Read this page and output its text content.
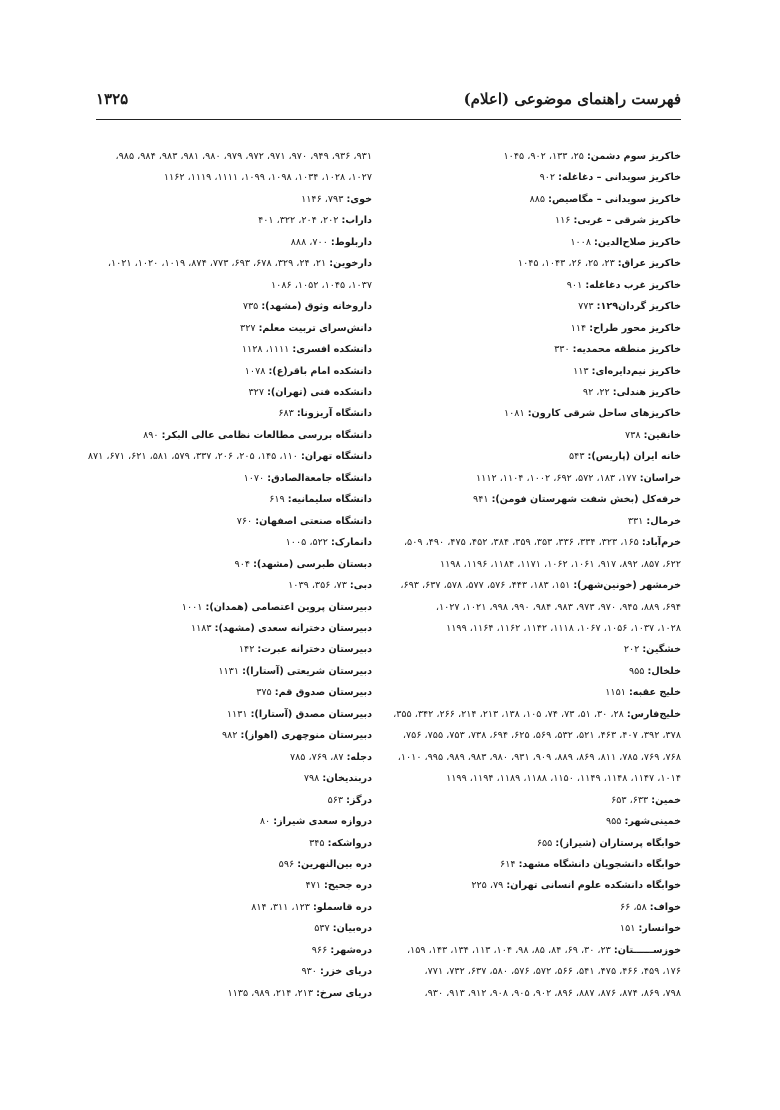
فهرست راهنمای موضوعی (اعلام)
۱۳۲۵
خاکریز سوم دشمن: ۲۵، ۱۳۳، ۹۰۲، ۱۰۴۵
خاکریز سویدانی – دغاغله: ۹۰۲
خاکریز سویدانی – مگاصیص: ۸۸۵
خاکریز شرقی – غربی: ۱۱۶
خاکریز صلاح‌الدین: ۱۰۰۸
خاکریز عراق: ۲۳، ۲۵، ۲۶، ۱۰۴۳، ۱۰۴۵
خاکریز غرب دغاغله: ۹۰۱
خاکریز گردان۱۲۹: ۷۷۳
خاکریز محور طراح: ۱۱۴
خاکریز منطقه محمدیه: ۳۳۰
خاکریز نیم‌دایره‌ای: ۱۱۳
خاکریز هندلی: ۲۲، ۹۲
خاکریزهای ساحل شرقی کارون: ۱۰۸۱
خانقین: ۷۳۸
خانه ایران (پاریس): ۵۴۳
خراسان: ۱۷۷، ۱۸۳، ۵۷۲، ۶۹۲، ۱۰۰۲، ۱۱۰۴، ۱۱۱۲
خرفه‌کل (بخش شفت شهرستان فومن): ۹۴۱
خرمال: ۳۳۱
خرم‌آباد: ۱۶۵، ۳۲۳، ۳۳۴، ۳۳۶، ۳۵۳، ۳۵۹، ۳۸۴، ۴۵۲، ۴۷۵، ۴۹۰، ۵۰۹،
۶۲۲، ۸۵۷، ۸۹۲، ۹۱۷، ۱۰۶۱، ۱۰۶۲، ۱۱۷۱، ۱۱۸۴، ۱۱۹۶، ۱۱۹۸
خرمشهر (خونین‌شهر): ۱۵۱، ۱۸۳، ۴۴۳، ۵۷۶، ۵۷۷، ۵۷۸، ۶۳۷، ۶۹۳،
۶۹۴، ۸۸۹، ۹۴۵، ۹۷۰، ۹۷۳، ۹۸۳، ۹۸۴، ۹۹۰، ۹۹۸، ۱۰۲۱، ۱۰۲۷،
۱۰۲۸، ۱۰۳۷، ۱۰۵۶، ۱۰۶۷، ۱۱۱۸، ۱۱۴۲، ۱۱۶۲، ۱۱۶۴، ۱۱۹۹
خشگین: ۲۰۲
خلخال: ۹۵۵
خلیج عقبه: ۱۱۵۱
خلیج‌فارس: ۲۸، ۳۰، ۵۱، ۷۳، ۷۴، ۱۰۵، ۱۳۸، ۲۱۳، ۲۱۴، ۲۶۶، ۳۴۲، ۳۵۵،
۳۷۸، ۳۹۲، ۴۰۷، ۴۶۳، ۵۲۱، ۵۳۲، ۵۶۹، ۶۲۵، ۶۹۴، ۷۳۸، ۷۵۳، ۷۵۵، ۷۵۶،
۷۶۸، ۷۶۹، ۷۸۵، ۸۱۱، ۸۶۹، ۸۸۹، ۹۰۹، ۹۳۱، ۹۸۰، ۹۸۳، ۹۸۹، ۹۹۵، ۱۰۱۰،
۱۰۱۴، ۱۱۴۷، ۱۱۴۸، ۱۱۴۹، ۱۱۵۰، ۱۱۸۸، ۱۱۸۹، ۱۱۹۴، ۱۱۹۹
خمین: ۶۳۳، ۶۵۳
خمینی‌شهر: ۹۵۵
خوابگاه پرستاران (شیراز): ۶۵۵
خوابگاه دانشجویان دانشگاه مشهد: ۶۱۴
خوابگاه دانشکده علوم انسانی تهران: ۷۹، ۲۲۵
خواف: ۵۸، ۶۶
خوانسار: ۱۵۱
خوزســــــتان: ۲۳، ۳۰، ۶۹، ۸۴، ۸۵، ۹۸، ۱۰۴، ۱۱۳، ۱۳۴، ۱۴۳، ۱۵۹،
۱۷۶، ۴۵۹، ۴۶۶، ۴۷۵، ۵۴۱، ۵۶۶، ۵۷۲، ۵۷۶، ۵۸۰، ۶۳۷، ۷۳۲، ۷۷۱،
۷۹۸، ۸۶۹، ۸۷۴، ۸۷۶، ۸۸۷، ۸۹۶، ۹۰۲، ۹۰۵، ۹۰۸، ۹۱۲، ۹۱۳، ۹۳۰،
۹۳۱، ۹۳۶، ۹۴۹، ۹۷۰، ۹۷۱، ۹۷۲، ۹۷۹، ۹۸۰، ۹۸۱، ۹۸۳، ۹۸۴، ۹۸۵،
۱۰۲۷، ۱۰۲۸، ۱۰۳۴، ۱۰۹۸، ۱۰۹۹، ۱۱۱۱، ۱۱۱۹، ۱۱۶۲
خوی: ۷۹۳، ۱۱۴۶
داراب: ۲۰۲، ۲۰۴، ۳۲۲، ۴۰۱
داربلوط: ۷۰۰، ۸۸۸
دارخوین: ۲۱، ۲۴، ۳۲۹، ۶۷۸، ۶۹۳، ۷۷۳، ۸۷۴، ۱۰۱۹، ۱۰۲۰، ۱۰۲۱،
۱۰۳۷، ۱۰۴۵، ۱۰۵۲، ۱۰۸۶
داروخانه وثوق (مشهد): ۷۳۵
دانش‌سرای تربیت معلم: ۳۲۷
دانشکده افسری: ۱۱۱۱، ۱۱۲۸
دانشکده امام باقر(ع): ۱۰۷۸
دانشکده فنی (تهران): ۳۲۷
دانشگاه آریزونا: ۶۸۳
دانشگاه بررسی مطالعات نظامی عالی البکر: ۸۹۰
دانشگاه تهران: ۱۱۰، ۱۴۵، ۲۰۵، ۲۰۶، ۳۳۷، ۵۷۹، ۵۸۱، ۶۲۱، ۶۷۱، ۸۷۱
دانشگاه جامعةالصادق: ۱۰۷۰
دانشگاه سلیمانیه: ۶۱۹
دانشگاه صنعتی اصفهان: ۷۶۰
دانمارک: ۵۲۲، ۱۰۰۵
دبستان طبرسی (مشهد): ۹۰۴
دبی: ۷۳، ۳۵۶، ۱۰۳۹
دبیرستان پروین اعتصامی (همدان): ۱۰۰۱
دبیرستان دخترانه سعدی (مشهد): ۱۱۸۳
دبیرستان دخترانه عبرت: ۱۴۲
دبیرستان شریعتی (آستارا): ۱۱۳۱
دبیرستان صدوق قم: ۳۷۵
دبیرستان مصدق (آستارا): ۱۱۳۱
دبیرستان منوچهری (اهواز): ۹۸۲
دجله: ۸۷، ۷۶۹، ۷۸۵
دربندیخان: ۷۹۸
درگز: ۵۶۳
دروازه سعدی شیراز: ۸۰
درواشکه: ۳۴۵
دره بین‌النهرین: ۵۹۶
دره جحیح: ۴۷۱
دره قاسملو: ۱۲۳، ۳۱۱، ۸۱۴
دره‌بیان: ۵۳۷
دره‌شهر: ۹۶۶
دریای خزر: ۹۳۰
دریای سرخ: ۲۱۳، ۲۱۴، ۹۸۹، ۱۱۳۵
